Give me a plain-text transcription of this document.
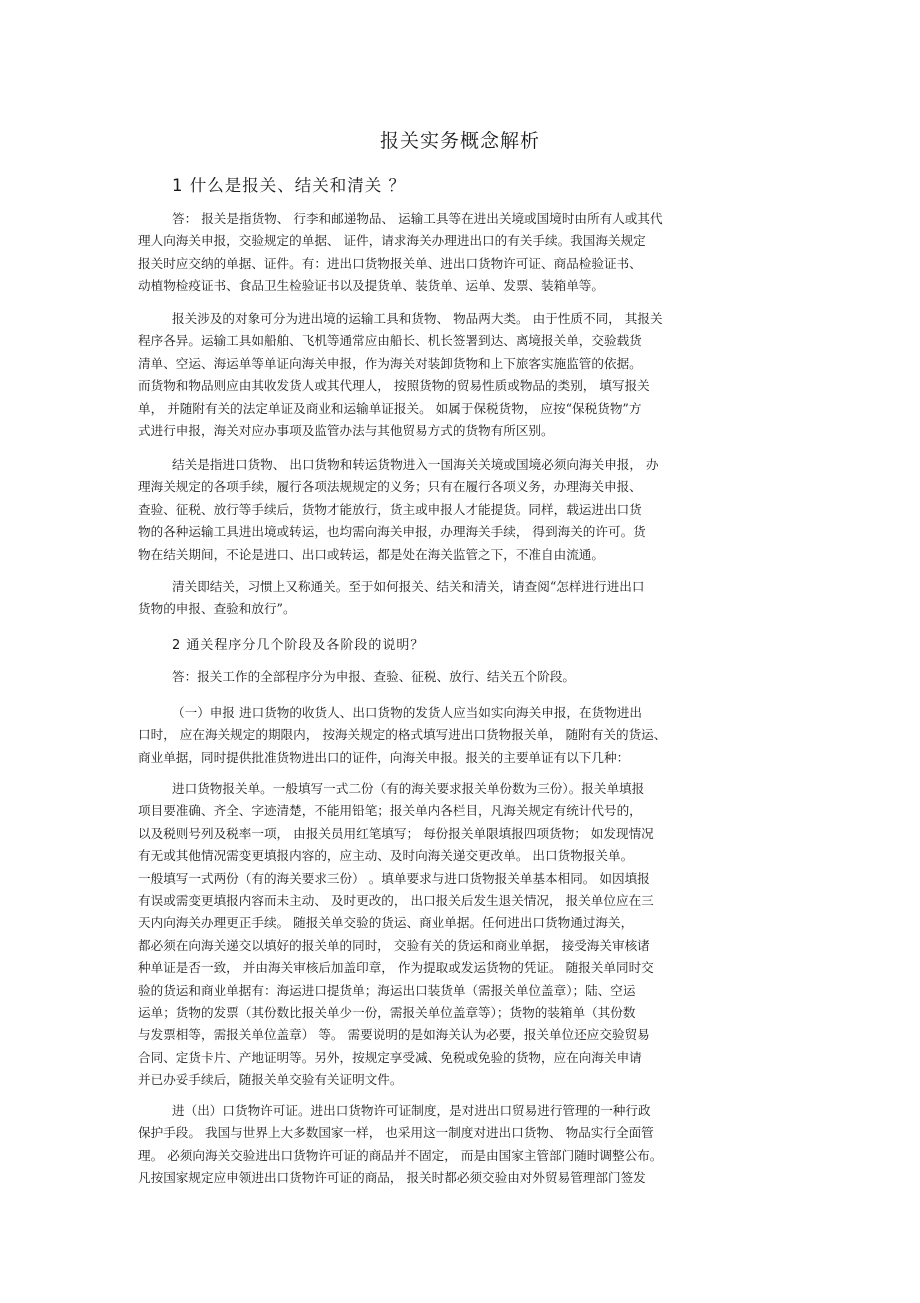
报关实务概念解析
1 什么是报关、结关和清关 ？
答： 报关是指货物、 行李和邮递物品、 运输工具等在进出关境或国境时由所有人或其代
理人向海关申报，交验规定的单据、 证件，请求海关办理进出口的有关手续。我国海关规定
报关时应交纳的单据、证件。有：进出口货物报关单、进出口货物许可证、商品检验证书、
动植物检疫证书、食品卫生检验证书以及提货单、装货单、运单、发票、装箱单等。
报关涉及的对象可分为进出境的运输工具和货物、 物品两大类。 由于性质不同， 其报关
程序各异。运输工具如船舶、飞机等通常应由船长、机长签署到达、离境报关单，交验载货
清单、空运、海运单等单证向海关申报，作为海关对装卸货物和上下旅客实施监管的依据。
而货物和物品则应由其收发货人或其代理人， 按照货物的贸易性质或物品的类别， 填写报关
单， 并随附有关的法定单证及商业和运输单证报关。 如属于保税货物， 应按“保税货物”方
式进行申报，海关对应办事项及监管办法与其他贸易方式的货物有所区别。
结关是指进口货物、 出口货物和转运货物进入一国海关关境或国境必须向海关申报， 办
理海关规定的各项手续，履行各项法规规定的义务；只有在履行各项义务，办理海关申报、
查验、征税、放行等手续后，货物才能放行，货主或申报人才能提货。同样，载运进出口货
物的各种运输工具进出境或转运，也均需向海关申报，办理海关手续， 得到海关的许可。货
物在结关期间，不论是进口、出口或转运，都是处在海关监管之下，不准自由流通。
清关即结关，习惯上又称通关。至于如何报关、结关和清关，请查阅“怎样进行进出口
货物的申报、查验和放行”。
2 通关程序分几个阶段及各阶段的说明？
答：报关工作的全部程序分为申报、查验、征税、放行、结关五个阶段。
（一）申报 进口货物的收货人、出口货物的发货人应当如实向海关申报，在货物进出
口时， 应在海关规定的期限内， 按海关规定的格式填写进出口货物报关单， 随附有关的货运、
商业单据，同时提供批准货物进出口的证件，向海关申报。报关的主要单证有以下几种：
进口货物报关单。一般填写一式二份（有的海关要求报关单份数为三份）。报关单填报
项目要准确、齐全、字迹清楚，不能用铅笔；报关单内各栏目，凡海关规定有统计代号的，
以及税则号列及税率一项， 由报关员用红笔填写； 每份报关单限填报四项货物； 如发现情况
有无或其他情况需变更填报内容的，应主动、及时向海关递交更改单。 出口货物报关单。
一般填写一式两份（有的海关要求三份） 。填单要求与进口货物报关单基本相同。 如因填报
有误或需变更填报内容而未主动、 及时更改的， 出口报关后发生退关情况， 报关单位应在三
天内向海关办理更正手续。 随报关单交验的货运、商业单据。任何进出口货物通过海关，
都必须在向海关递交以填好的报关单的同时， 交验有关的货运和商业单据， 接受海关审核诸
种单证是否一致， 并由海关审核后加盖印章， 作为提取或发运货物的凭证。 随报关单同时交
验的货运和商业单据有：海运进口提货单；海运出口装货单（需报关单位盖章）；陆、空运
运单；货物的发票（其份数比报关单少一份，需报关单位盖章等）；货物的装箱单（其份数
与发票相等，需报关单位盖章） 等。 需要说明的是如海关认为必要，报关单位还应交验贸易
合同、定货卡片、产地证明等。另外，按规定享受减、免税或免验的货物，应在向海关申请
并已办妥手续后，随报关单交验有关证明文件。
进（出）口货物许可证。进出口货物许可证制度，是对进出口贸易进行管理的一种行政
保护手段。 我国与世界上大多数国家一样， 也采用这一制度对进出口货物、 物品实行全面管
理。 必须向海关交验进出口货物许可证的商品并不固定， 而是由国家主管部门随时调整公布。
凡按国家规定应申领进出口货物许可证的商品， 报关时都必须交验由对外贸易管理部门签发
